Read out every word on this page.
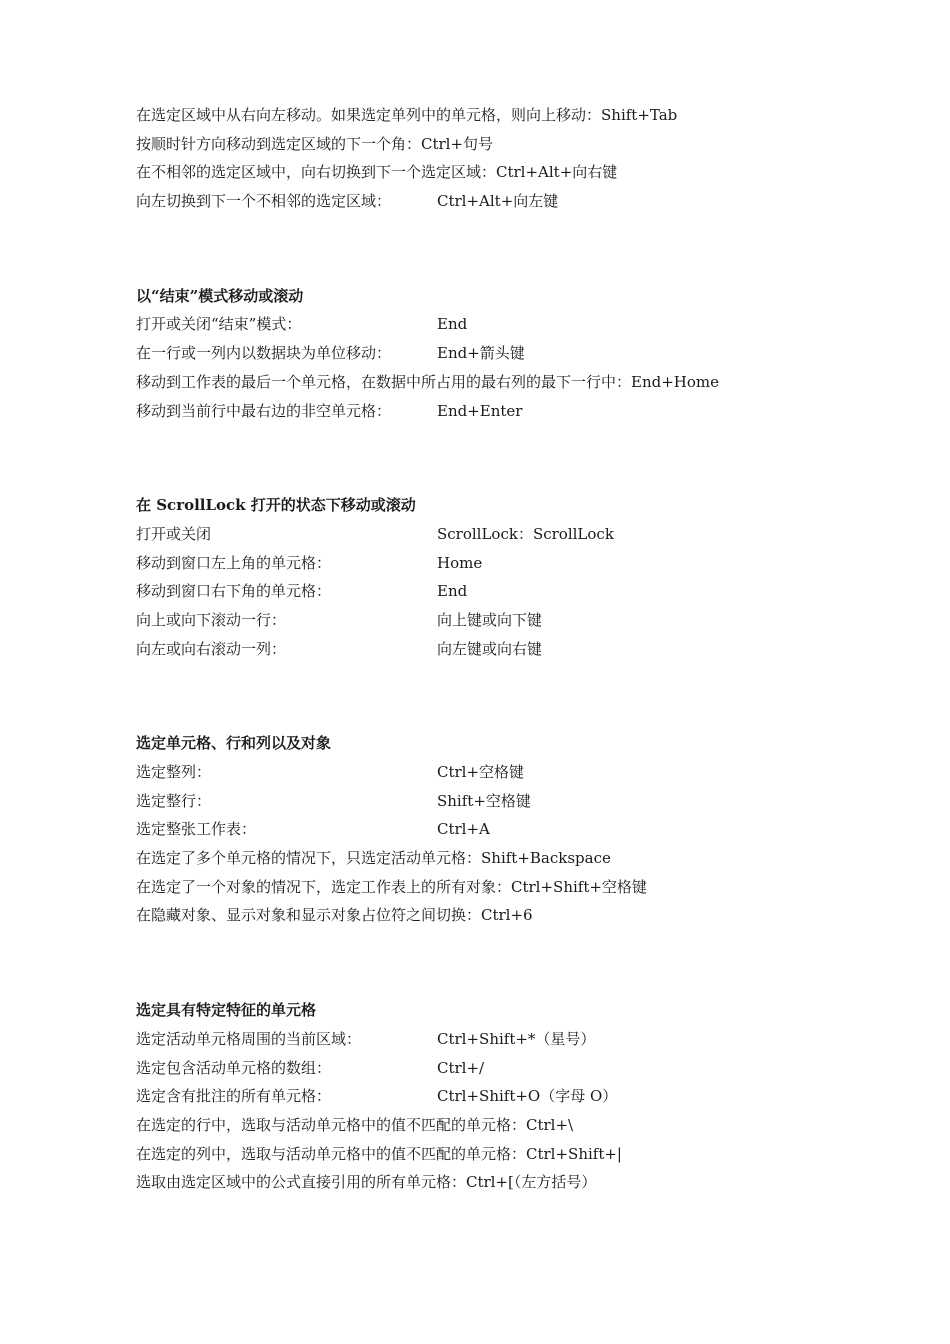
在选定区域中从右向左移动。如果选定单列中的单元格，则向上移动：Shift+Tab
按顺时针方向移动到选定区域的下一个角：Ctrl+句号
在不相邻的选定区域中，向右切换到下一个选定区域：Ctrl+Alt+向右键
向左切换到下一个不相邻的选定区域：	Ctrl+Alt+向左键
以“结束”模式移动或滚动
打开或关闭“结束”模式：	End
在一行或一列内以数据块为单位移动：	End+箭头键
移动到工作表的最后一个单元格，在数据中所占用的最右列的最下一行中：End+Home
移动到当前行中最右边的非空单元格：	End+Enter
在 ScrollLock 打开的状态下移动或滚动
打开或关闭	ScrollLock：ScrollLock
移动到窗口左上角的单元格：	Home
移动到窗口右下角的单元格：	End
向上或向下滚动一行：	向上键或向下键
向左或向右滚动一列：	向左键或向右键
选定单元格、行和列以及对象
选定整列：	Ctrl+空格键
选定整行：	Shift+空格键
选定整张工作表：	Ctrl+A
在选定了多个单元格的情况下，只选定活动单元格：Shift+Backspace
在选定了一个对象的情况下，选定工作表上的所有对象：Ctrl+Shift+空格键
在隐藏对象、显示对象和显示对象占位符之间切换：Ctrl+6
选定具有特定特征的单元格
选定活动单元格周围的当前区域：	Ctrl+Shift+*（星号）
选定包含活动单元格的数组：	Ctrl+/
选定含有批注的所有单元格：	Ctrl+Shift+O（字母 O）
在选定的行中，选取与活动单元格中的值不匹配的单元格：Ctrl+\
在选定的列中，选取与活动单元格中的值不匹配的单元格：Ctrl+Shift+|
选取由选定区域中的公式直接引用的所有单元格：Ctrl+[（左方括号）
